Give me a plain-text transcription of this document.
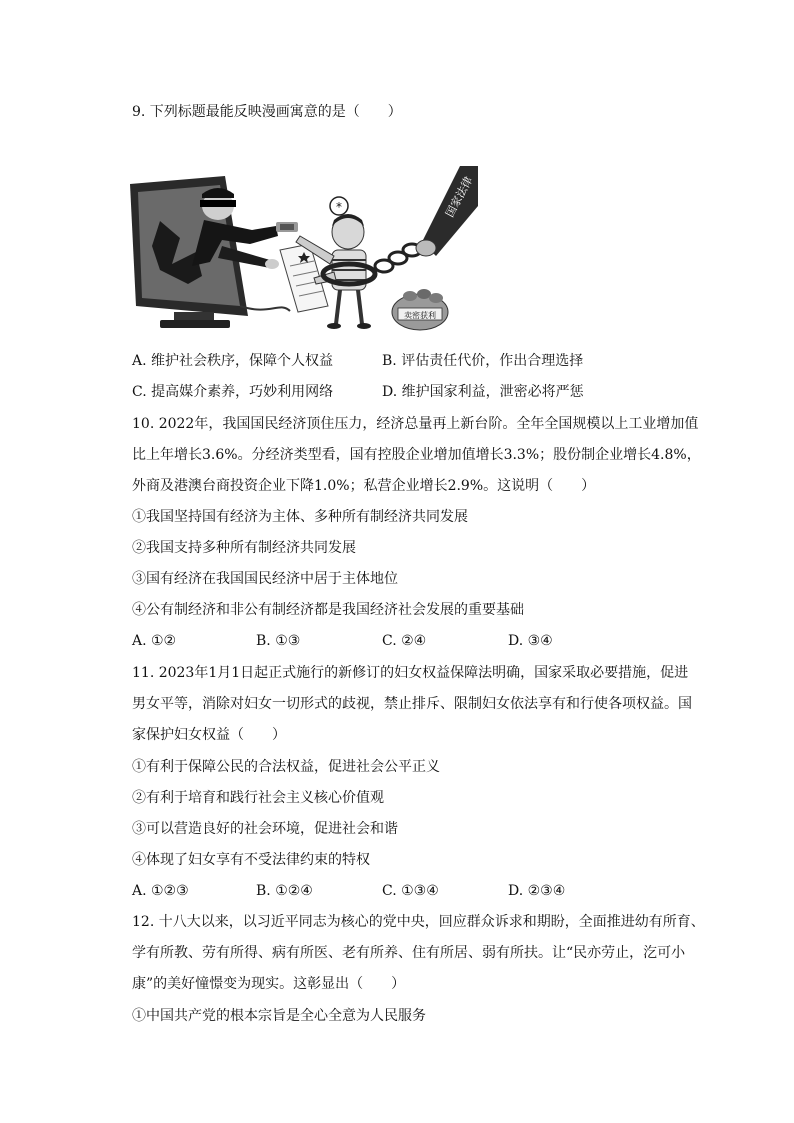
9. 下列标题最能反映漫画寓意的是（　　）
*	国家法律
卖密获利
A. 维护社会秩序，保障个人权益	B. 评估责任代价，作出合理选择
C. 提高媒介素养，巧妙利用网络	D. 维护国家利益，泄密必将严惩
10. 2022年，我国国民经济顶住压力，经济总量再上新台阶。全年全国规模以上工业增加值
比上年增长3.6%。分经济类型看，国有控股企业增加值增长3.3%；股份制企业增长4.8%，
外商及港澳台商投资企业下降1.0%；私营企业增长2.9%。这说明（　　）
①我国坚持国有经济为主体、多种所有制经济共同发展
②我国支持多种所有制经济共同发展
③国有经济在我国国民经济中居于主体地位
④公有制经济和非公有制经济都是我国经济社会发展的重要基础
A. ①②	B. ①③	C. ②④	D. ③④
11. 2023年1月1日起正式施行的新修订的妇女权益保障法明确，国家采取必要措施，促进
男女平等，消除对妇女一切形式的歧视，禁止排斥、限制妇女依法享有和行使各项权益。国
家保护妇女权益（　　）
①有利于保障公民的合法权益，促进社会公平正义
②有利于培育和践行社会主义核心价值观
③可以营造良好的社会环境，促进社会和谐
④体现了妇女享有不受法律约束的特权
A. ①②③	B. ①②④	C. ①③④	D. ②③④
12. 十八大以来，以习近平同志为核心的党中央，回应群众诉求和期盼，全面推进幼有所育、
学有所教、劳有所得、病有所医、老有所养、住有所居、弱有所扶。让“民亦劳止，汔可小
康”的美好憧憬变为现实。这彰显出（　　）
①中国共产党的根本宗旨是全心全意为人民服务
